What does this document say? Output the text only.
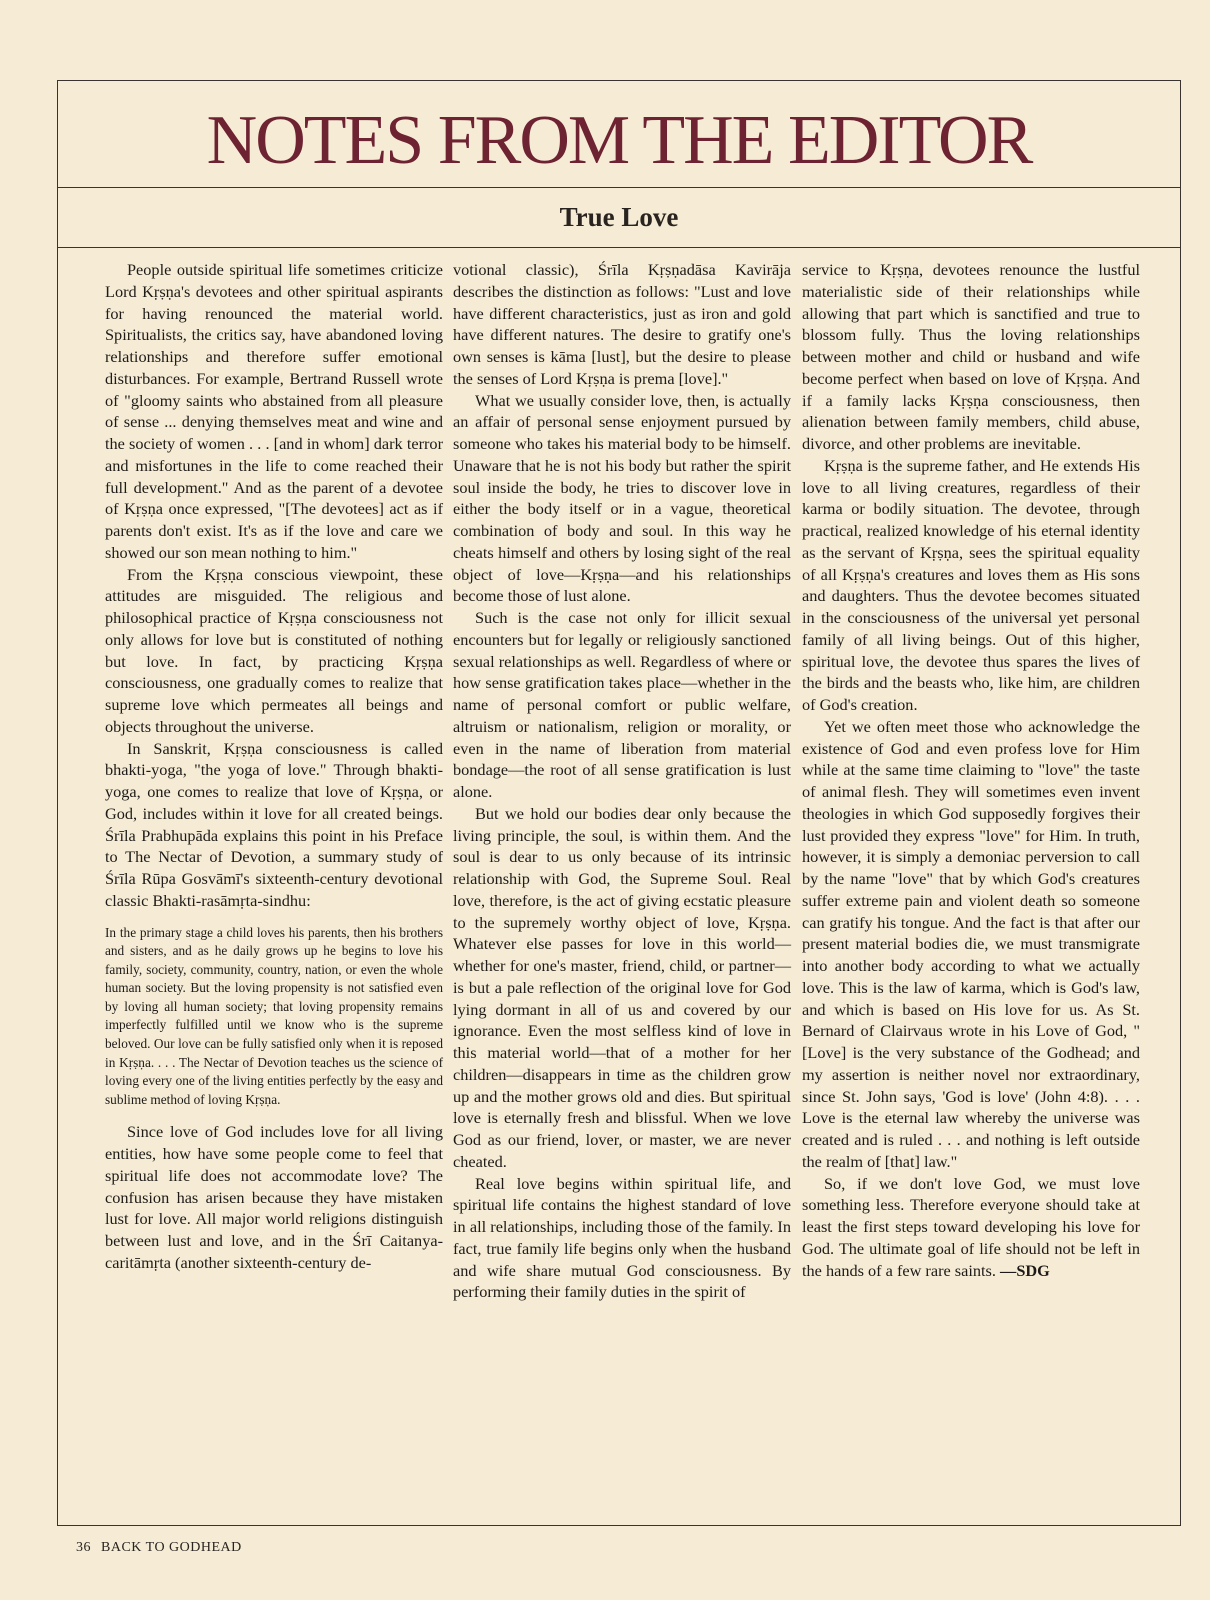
NOTES FROM THE EDITOR
True Love

People outside spiritual life sometimes criticize Lord Kṛṣṇa's devotees and other spiritual aspirants for having renounced the material world. Spiritualists, the critics say, have abandoned loving relationships and therefore suffer emotional disturbances. For example, Bertrand Russell wrote of "gloomy saints who abstained from all pleasure of sense ... denying themselves meat and wine and the society of women . . . [and in whom] dark terror and misfortunes in the life to come reached their full development." And as the parent of a devotee of Kṛṣṇa once expressed, "[The devotees] act as if parents don't exist. It's as if the love and care we showed our son mean nothing to him."

From the Kṛṣṇa conscious viewpoint, these attitudes are misguided. The religious and philosophical practice of Kṛṣṇa consciousness not only allows for love but is constituted of nothing but love. In fact, by practicing Kṛṣṇa consciousness, one gradually comes to realize that supreme love which permeates all beings and objects throughout the universe.

In Sanskrit, Kṛṣṇa consciousness is called bhakti-yoga, "the yoga of love." Through bhakti-yoga, one comes to realize that love of Kṛṣṇa, or God, includes within it love for all created beings. Śrīla Prabhupāda explains this point in his Preface to The Nectar of Devotion, a summary study of Śrīla Rūpa Gosvāmī's sixteenth-century devotional classic Bhakti-rasāmṛta-sindhu:

In the primary stage a child loves his parents, then his brothers and sisters, and as he daily grows up he begins to love his family, society, community, country, nation, or even the whole human society. But the loving propensity is not satisfied even by loving all human society; that loving propensity remains imperfectly fulfilled until we know who is the supreme beloved. Our love can be fully satisfied only when it is reposed in Kṛṣṇa. . . . The Nectar of Devotion teaches us the science of loving every one of the living entities perfectly by the easy and sublime method of loving Kṛṣṇa.

Since love of God includes love for all living entities, how have some people come to feel that spiritual life does not accommodate love? The confusion has arisen because they have mistaken lust for love. All major world religions distinguish between lust and love, and in the Śrī Caitanya-caritāmṛta (another sixteenth-century de-

votional classic), Śrīla Kṛṣṇadāsa Kavirāja describes the distinction as follows: "Lust and love have different characteristics, just as iron and gold have different natures. The desire to gratify one's own senses is kāma [lust], but the desire to please the senses of Lord Kṛṣṇa is prema [love]."

What we usually consider love, then, is actually an affair of personal sense enjoyment pursued by someone who takes his material body to be himself. Unaware that he is not his body but rather the spirit soul inside the body, he tries to discover love in either the body itself or in a vague, theoretical combination of body and soul. In this way he cheats himself and others by losing sight of the real object of love—Kṛṣṇa—and his relationships become those of lust alone.

Such is the case not only for illicit sexual encounters but for legally or religiously sanctioned sexual relationships as well. Regardless of where or how sense gratification takes place—whether in the name of personal comfort or public welfare, altruism or nationalism, religion or morality, or even in the name of liberation from material bondage—the root of all sense gratification is lust alone.

But we hold our bodies dear only because the living principle, the soul, is within them. And the soul is dear to us only because of its intrinsic relationship with God, the Supreme Soul. Real love, therefore, is the act of giving ecstatic pleasure to the supremely worthy object of love, Kṛṣṇa. Whatever else passes for love in this world—whether for one's master, friend, child, or partner—is but a pale reflection of the original love for God lying dormant in all of us and covered by our ignorance. Even the most selfless kind of love in this material world—that of a mother for her children—disappears in time as the children grow up and the mother grows old and dies. But spiritual love is eternally fresh and blissful. When we love God as our friend, lover, or master, we are never cheated.

Real love begins within spiritual life, and spiritual life contains the highest standard of love in all relationships, including those of the family. In fact, true family life begins only when the husband and wife share mutual God consciousness. By performing their family duties in the spirit of

service to Kṛṣṇa, devotees renounce the lustful materialistic side of their relationships while allowing that part which is sanctified and true to blossom fully. Thus the loving relationships between mother and child or husband and wife become perfect when based on love of Kṛṣṇa. And if a family lacks Kṛṣṇa consciousness, then alienation between family members, child abuse, divorce, and other problems are inevitable.

Kṛṣṇa is the supreme father, and He extends His love to all living creatures, regardless of their karma or bodily situation. The devotee, through practical, realized knowledge of his eternal identity as the servant of Kṛṣṇa, sees the spiritual equality of all Kṛṣṇa's creatures and loves them as His sons and daughters. Thus the devotee becomes situated in the consciousness of the universal yet personal family of all living beings. Out of this higher, spiritual love, the devotee thus spares the lives of the birds and the beasts who, like him, are children of God's creation.

Yet we often meet those who acknowledge the existence of God and even profess love for Him while at the same time claiming to "love" the taste of animal flesh. They will sometimes even invent theologies in which God supposedly forgives their lust provided they express "love" for Him. In truth, however, it is simply a demoniac perversion to call by the name "love" that by which God's creatures suffer extreme pain and violent death so someone can gratify his tongue. And the fact is that after our present material bodies die, we must transmigrate into another body according to what we actually love. This is the law of karma, which is God's law, and which is based on His love for us. As St. Bernard of Clairvaus wrote in his Love of God, "[Love] is the very substance of the Godhead; and my assertion is neither novel nor extraordinary, since St. John says, 'God is love' (John 4:8). . . . Love is the eternal law whereby the universe was created and is ruled . . . and nothing is left outside the realm of [that] law."

So, if we don't love God, we must love something less. Therefore everyone should take at least the first steps toward developing his love for God. The ultimate goal of life should not be left in the hands of a few rare saints. —SDG

36 BACK TO GODHEAD
